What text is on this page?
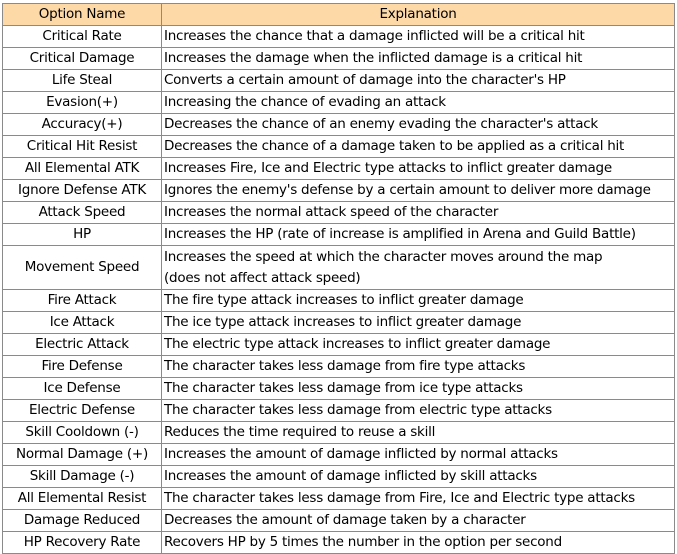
Option Name	Explanation
Critical Rate	Increases the chance that a damage inflicted will be a critical hit

Critical Damage	Increases the damage when the inflicted damage is a critical hit

Life Steal	Converts a certain amount of damage into the character's HP

Evasion(+)	Increasing the chance of evading an attack

Accuracy(+)	Decreases the chance of an enemy evading the character's attack

Critical Hit Resist	Decreases the chance of a damage taken to be applied as a critical hit

All Elemental ATK	Increases Fire, Ice and Electric type attacks to inflict greater damage

Ignore Defense ATK	Ignores the enemy's defense by a certain amount to deliver more damage

Attack Speed	Increases the normal attack speed of the character

HP	Increases the HP (rate of increase is amplified in Arena and Guild Battle)

Movement Speed	Increases the speed at which the character moves around the map
(does not affect attack speed)

Fire Attack	The fire type attack increases to inflict greater damage

Ice Attack	The ice type attack increases to inflict greater damage

Electric Attack	The electric type attack increases to inflict greater damage

Fire Defense	The character takes less damage from fire type attacks

Ice Defense	The character takes less damage from ice type attacks

Electric Defense	The character takes less damage from electric type attacks

Skill Cooldown (-)	Reduces the time required to reuse a skill

Normal Damage (+)	Increases the amount of damage inflicted by normal attacks

Skill Damage (-)	Increases the amount of damage inflicted by skill attacks

All Elemental Resist	The character takes less damage from Fire, Ice and Electric type attacks

Damage Reduced	Decreases the amount of damage taken by a character

HP Recovery Rate	Recovers HP by 5 times the number in the option per second
